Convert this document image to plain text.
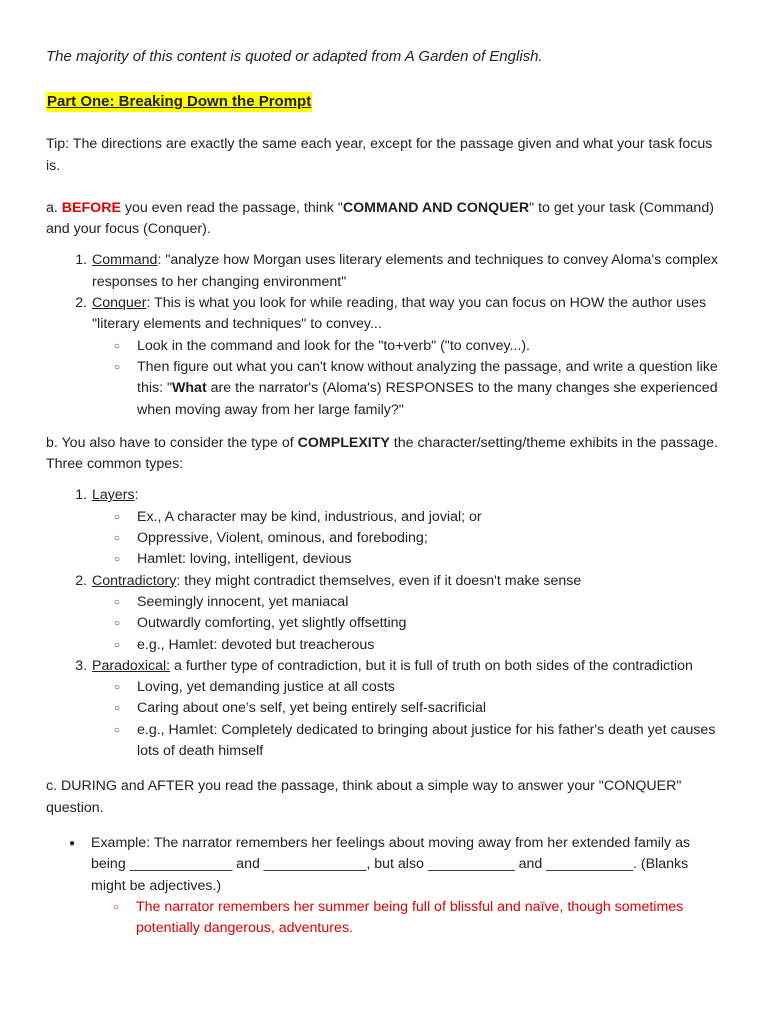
The majority of this content is quoted or adapted from A Garden of English.

Part One: Breaking Down the Prompt

Tip: The directions are exactly the same each year, except for the passage given and what your task focus is.

a. BEFORE you even read the passage, think "COMMAND AND CONQUER" to get your task (Command) and your focus (Conquer).

1. Command: "analyze how Morgan uses literary elements and techniques to convey Aloma's complex responses to her changing environment"
2. Conquer: This is what you look for while reading, that way you can focus on HOW the author uses "literary elements and techniques" to convey...
○ Look in the command and look for the "to+verb" ("to convey...).
○ Then figure out what you can't know without analyzing the passage, and write a question like this: "What are the narrator's (Aloma's) RESPONSES to the many changes she experienced when moving away from her large family?"

b. You also have to consider the type of COMPLEXITY the character/setting/theme exhibits in the passage. Three common types:

1. Layers:
○ Ex., A character may be kind, industrious, and jovial; or
○ Oppressive, Violent, ominous, and foreboding;
○ Hamlet: loving, intelligent, devious
2. Contradictory: they might contradict themselves, even if it doesn't make sense
○ Seemingly innocent, yet maniacal
○ Outwardly comforting, yet slightly offsetting
○ e.g., Hamlet: devoted but treacherous
3. Paradoxical: a further type of contradiction, but it is full of truth on both sides of the contradiction
○ Loving, yet demanding justice at all costs
○ Caring about one’s self, yet being entirely self-sacrificial
○ e.g., Hamlet: Completely dedicated to bringing about justice for his father's death yet causes lots of death himself

c. DURING and AFTER you read the passage, think about a simple way to answer your "CONQUER" question.

● Example: The narrator remembers her feelings about moving away from her extended family as being _____________ and _____________, but also ___________ and ___________. (Blanks might be adjectives.)
○ The narrator remembers her summer being full of blissful and naïve, though sometimes potentially dangerous, adventures.
